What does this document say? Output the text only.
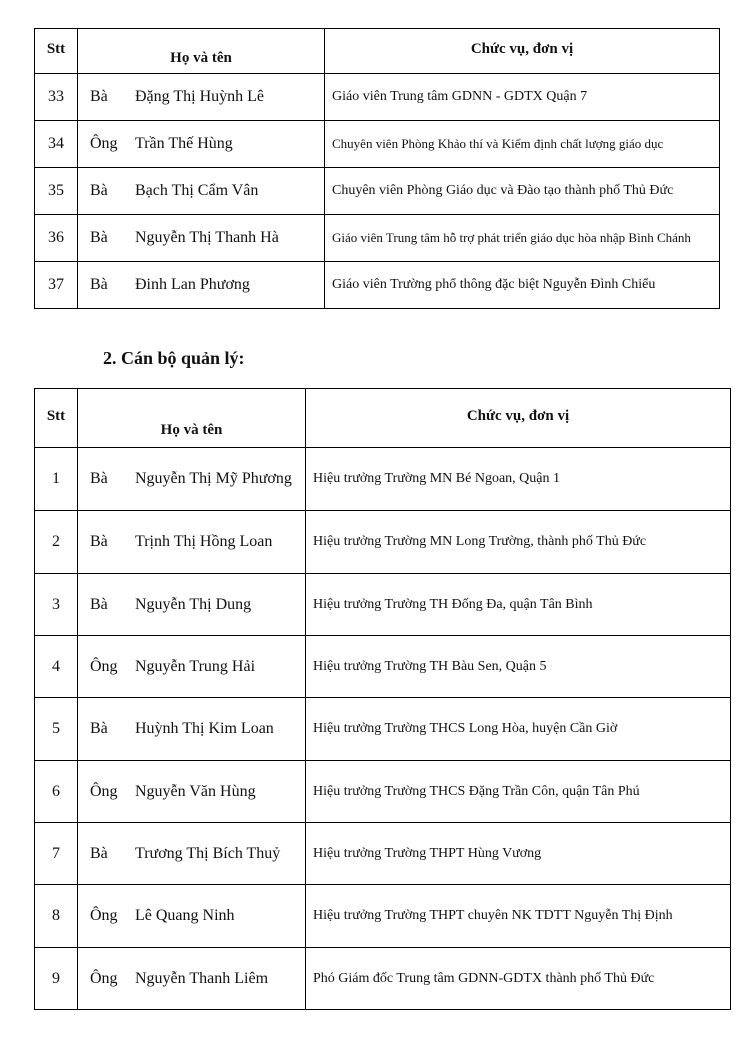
Stt	Họ và tên	Chức vụ, đơn vị
33	Bà Đặng Thị Huỳnh Lê	Giáo viên Trung tâm GDNN - GDTX Quận 7
34	Ông Trần Thế Hùng	Chuyên viên Phòng Khảo thí và Kiểm định chất lượng giáo dục
35	Bà Bạch Thị Cẩm Vân	Chuyên viên Phòng Giáo dục và Đào tạo thành phố Thủ Đức
36	Bà Nguyễn Thị Thanh Hà	Giáo viên Trung tâm hỗ trợ phát triển giáo dục hòa nhập Bình Chánh
37	Bà Đinh Lan Phương	Giáo viên Trường phổ thông đặc biệt Nguyễn Đình Chiểu
2. Cán bộ quản lý:
Stt	Họ và tên	Chức vụ, đơn vị
1	Bà Nguyễn Thị Mỹ Phương	Hiệu trưởng Trường MN Bé Ngoan, Quận 1
2	Bà Trịnh Thị Hồng Loan	Hiệu trưởng Trường MN Long Trường, thành phố Thủ Đức
3	Bà Nguyễn Thị Dung	Hiệu trưởng Trường TH Đống Đa, quận Tân Bình
4	Ông Nguyễn Trung Hải	Hiệu trưởng Trường TH Bàu Sen, Quận 5
5	Bà Huỳnh Thị Kim Loan	Hiệu trưởng Trường THCS Long Hòa, huyện Cần Giờ
6	Ông Nguyễn Văn Hùng	Hiệu trưởng Trường THCS Đặng Trần Côn, quận Tân Phú
7	Bà Trương Thị Bích Thuỷ	Hiệu trưởng Trường THPT Hùng Vương
8	Ông Lê Quang Ninh	Hiệu trưởng Trường THPT chuyên NK TDTT Nguyễn Thị Định
9	Ông Nguyễn Thanh Liêm	Phó Giám đốc Trung tâm GDNN-GDTX thành phố Thủ Đức
